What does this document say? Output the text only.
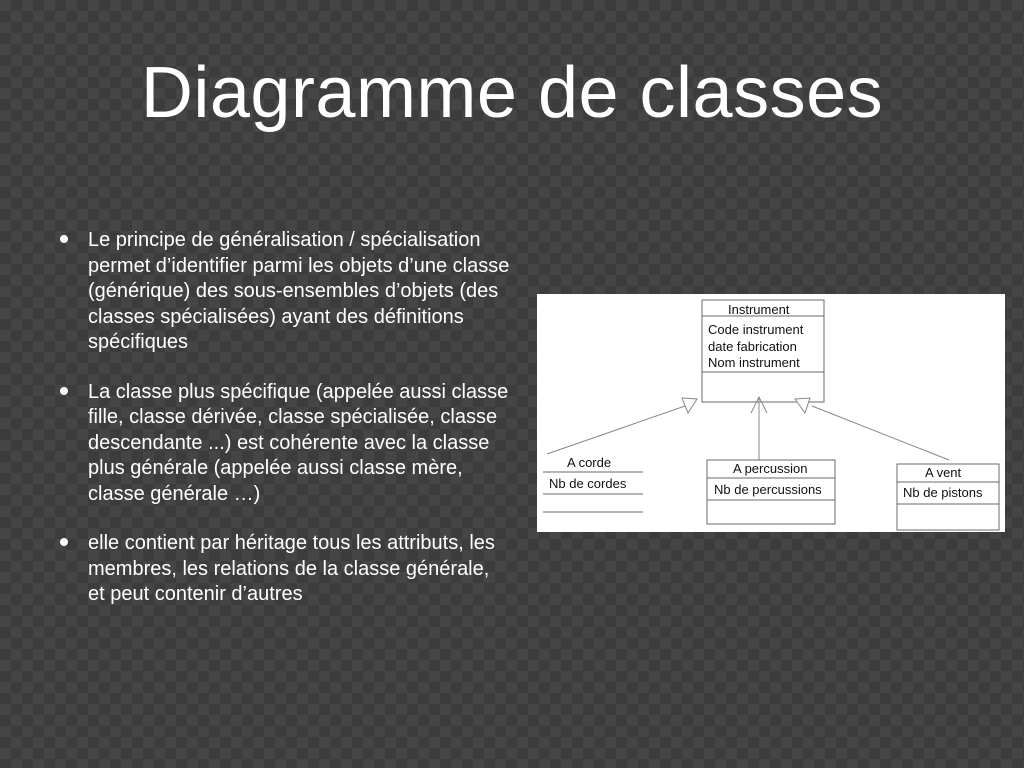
Diagramme de classes
Le principe de généralisation / spécialisation permet d’identifier parmi les objets d’une classe (générique) des sous-ensembles d’objets (des classes spécialisées) ayant des définitions spécifiques
La classe plus spécifique (appelée aussi classe fille, classe dérivée, classe spécialisée, classe descendante ...) est cohérente avec la classe plus générale (appelée aussi classe mère, classe générale …)
elle contient par héritage tous les attributs, les membres, les relations de la classe générale, et peut contenir d’autres
Instrument
Code instrument
date fabrication
Nom instrument
A corde
Nb de cordes
A percussion
Nb de percussions
A vent
Nb de pistons
